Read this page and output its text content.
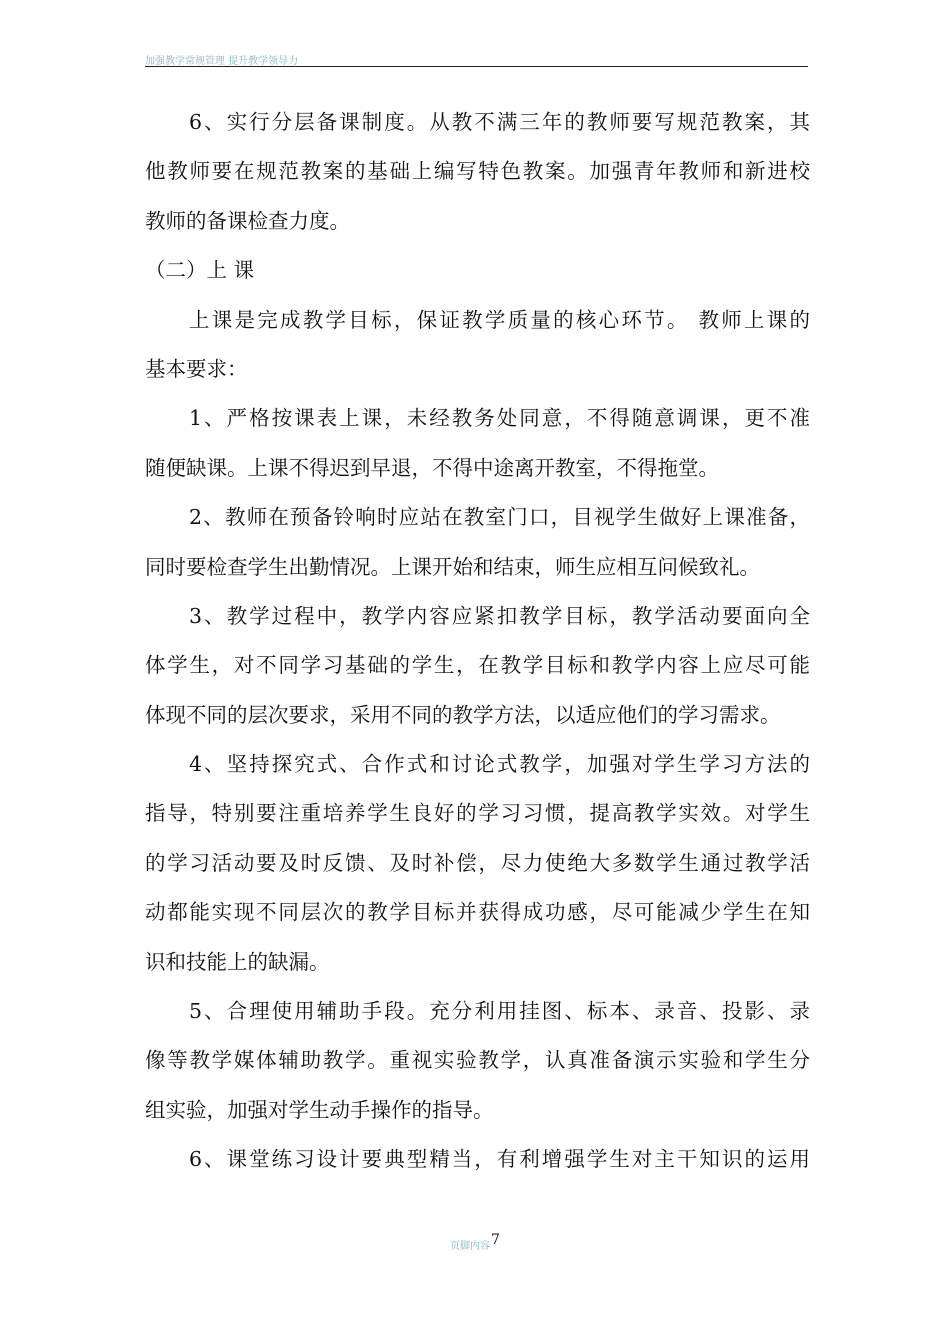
加强教学常规管理 提升教学领导力
6、实行分层备课制度。从教不满三年的教师要写规范教案，其
他教师要在规范教案的基础上编写特色教案。加强青年教师和新进校
教师的备课检查力度。
（二）上 课
上课是完成教学目标，保证教学质量的核心环节。 教师上课的
基本要求：
1、严格按课表上课，未经教务处同意，不得随意调课，更不准
随便缺课。上课不得迟到早退，不得中途离开教室，不得拖堂。
2、教师在预备铃响时应站在教室门口，目视学生做好上课准备，
同时要检查学生出勤情况。上课开始和结束，师生应相互问候致礼。
3、教学过程中，教学内容应紧扣教学目标，教学活动要面向全
体学生，对不同学习基础的学生，在教学目标和教学内容上应尽可能
体现不同的层次要求，采用不同的教学方法，以适应他们的学习需求。
4、坚持探究式、合作式和讨论式教学，加强对学生学习方法的
指导，特别要注重培养学生良好的学习习惯，提高教学实效。对学生
的学习活动要及时反馈、及时补偿，尽力使绝大多数学生通过教学活
动都能实现不同层次的教学目标并获得成功感，尽可能减少学生在知
识和技能上的缺漏。
5、合理使用辅助手段。充分利用挂图、标本、录音、投影、录
像等教学媒体辅助教学。重视实验教学，认真准备演示实验和学生分
组实验，加强对学生动手操作的指导。
6、课堂练习设计要典型精当，有利增强学生对主干知识的运用
页脚内容7
